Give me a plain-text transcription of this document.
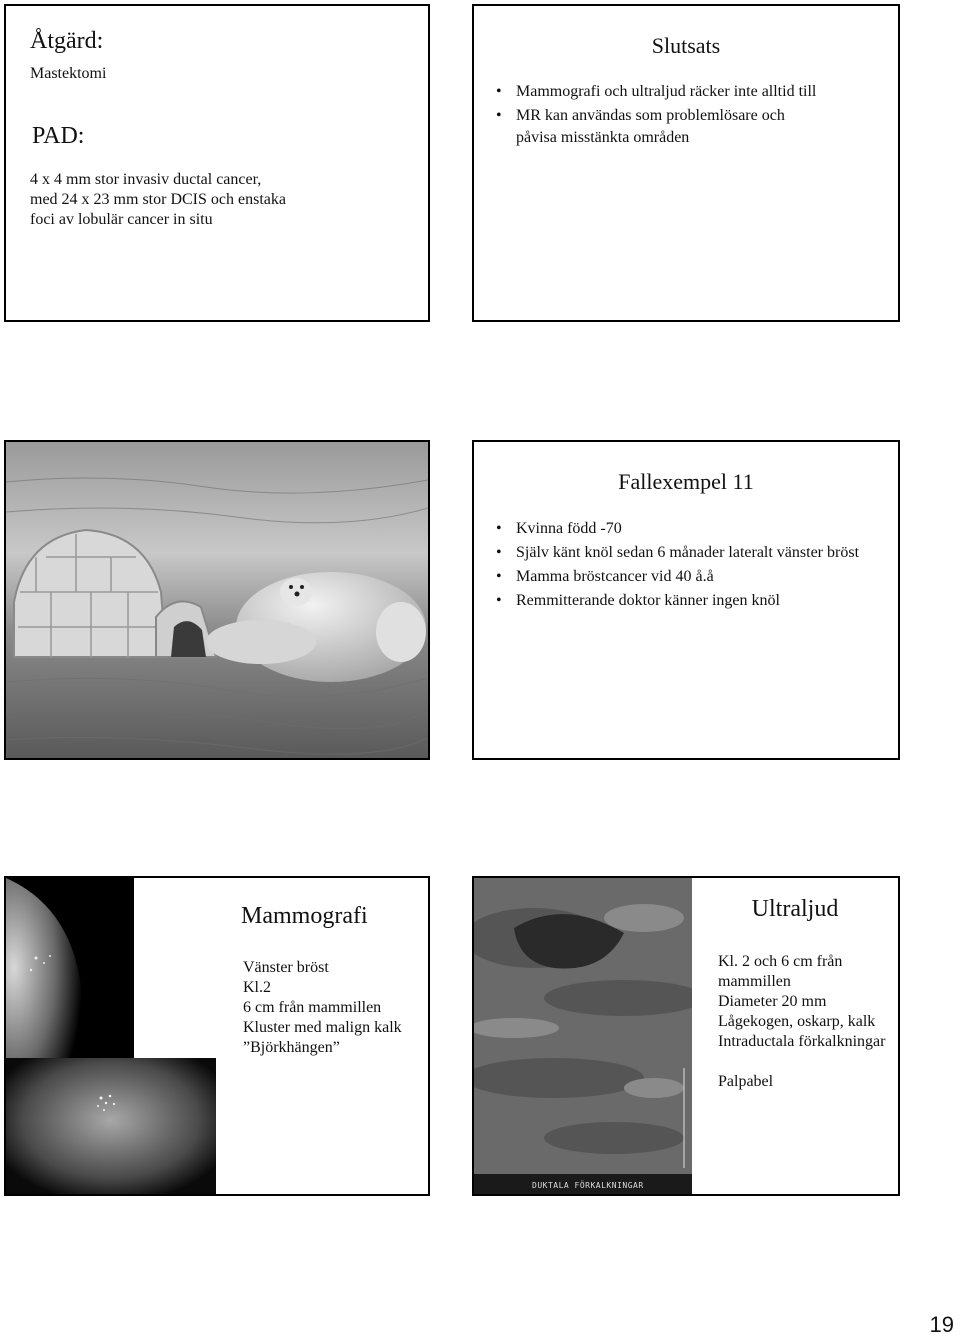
Åtgärd:
Mastektomi
PAD:
4 x 4 mm stor invasiv ductal cancer,
med 24 x 23 mm stor DCIS och enstaka
foci av lobulär cancer in situ
Slutsats
• Mammografi och ultraljud räcker inte alltid till
• MR kan användas som problemlösare och
påvisa misstänkta områden
Fallexempel 11
• Kvinna född -70
• Själv känt knöl sedan 6 månader lateralt vänster bröst
• Mamma bröstcancer vid 40 å.å
• Remmitterande doktor känner ingen knöl
Mammografi
Vänster bröst
Kl.2
6 cm från mammillen
Kluster med malign kalk
”Björkhängen”
DUKTALA FÖRKALKNINGAR
Ultraljud
Kl. 2 och 6 cm från
mammillen
Diameter 20 mm
Lågekogen, oskarp, kalk
Intraductala förkalkningar
Palpabel
19
